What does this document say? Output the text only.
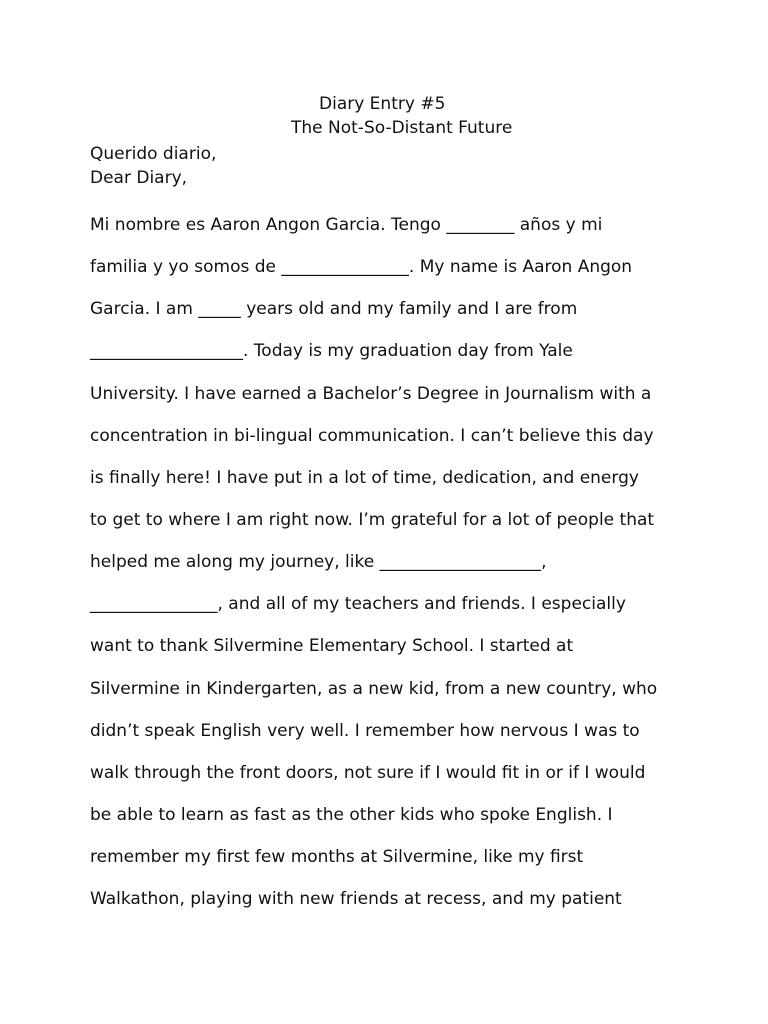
Diary Entry #5
The Not-So-Distant Future
Querido diario,
Dear Diary,
Mi nombre es Aaron Angon Garcia. Tengo ________ años y mi
familia y yo somos de _______________. My name is Aaron Angon
Garcia. I am _____ years old and my family and I are from
__________________. Today is my graduation day from Yale
University. I have earned a Bachelor’s Degree in Journalism with a
concentration in bi-lingual communication. I can’t believe this day
is finally here! I have put in a lot of time, dedication, and energy
to get to where I am right now. I’m grateful for a lot of people that
helped me along my journey, like ___________________,
_______________, and all of my teachers and friends. I especially
want to thank Silvermine Elementary School. I started at
Silvermine in Kindergarten, as a new kid, from a new country, who
didn’t speak English very well. I remember how nervous I was to
walk through the front doors, not sure if I would fit in or if I would
be able to learn as fast as the other kids who spoke English. I
remember my first few months at Silvermine, like my first
Walkathon, playing with new friends at recess, and my patient
